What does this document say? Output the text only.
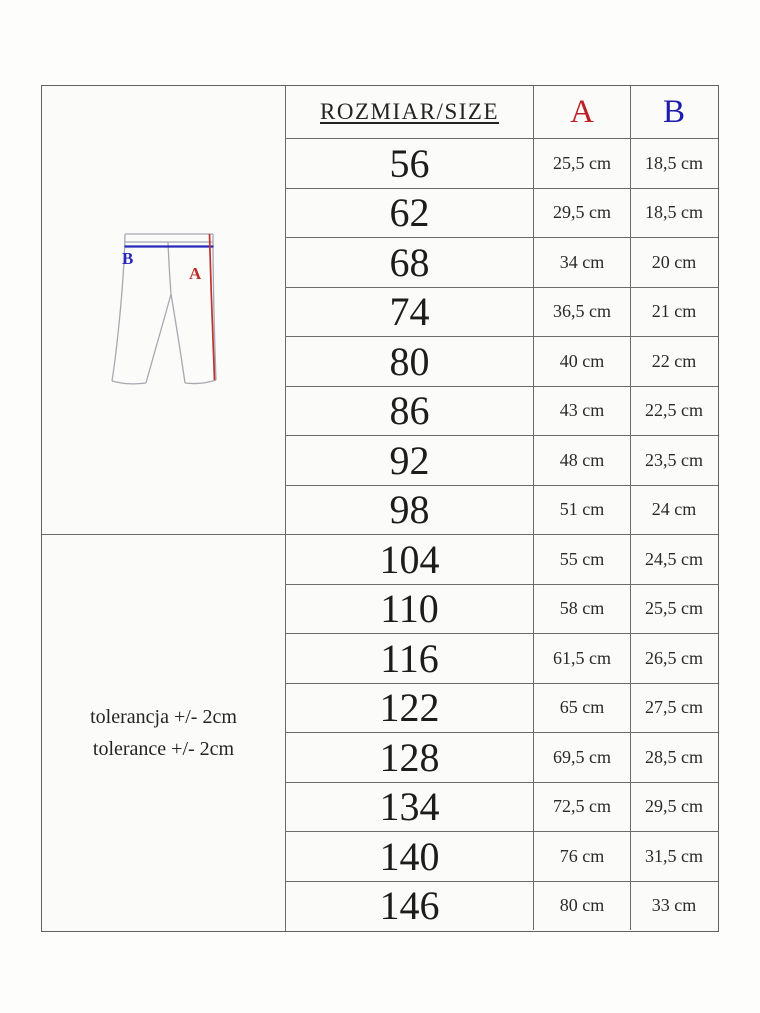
B
A
tolerancja +/- 2cm
tolerance +/- 2cm
ROZMIAR/SIZE A B
56	25,5 cm 18,5 cm
62	29,5 cm 18,5 cm
68	34 cm	20 cm
74	36,5 cm 21 cm
80	40 cm	22 cm
86	43 cm 22,5 cm
92	48 cm 23,5 cm
98	51 cm	24 cm
104	55 cm 24,5 cm
110	58 cm 25,5 cm
116	61,5 cm 26,5 cm
122	65 cm 27,5 cm
128	69,5 cm 28,5 cm
134	72,5 cm 29,5 cm
140	76 cm 31,5 cm
146	80 cm	33 cm
